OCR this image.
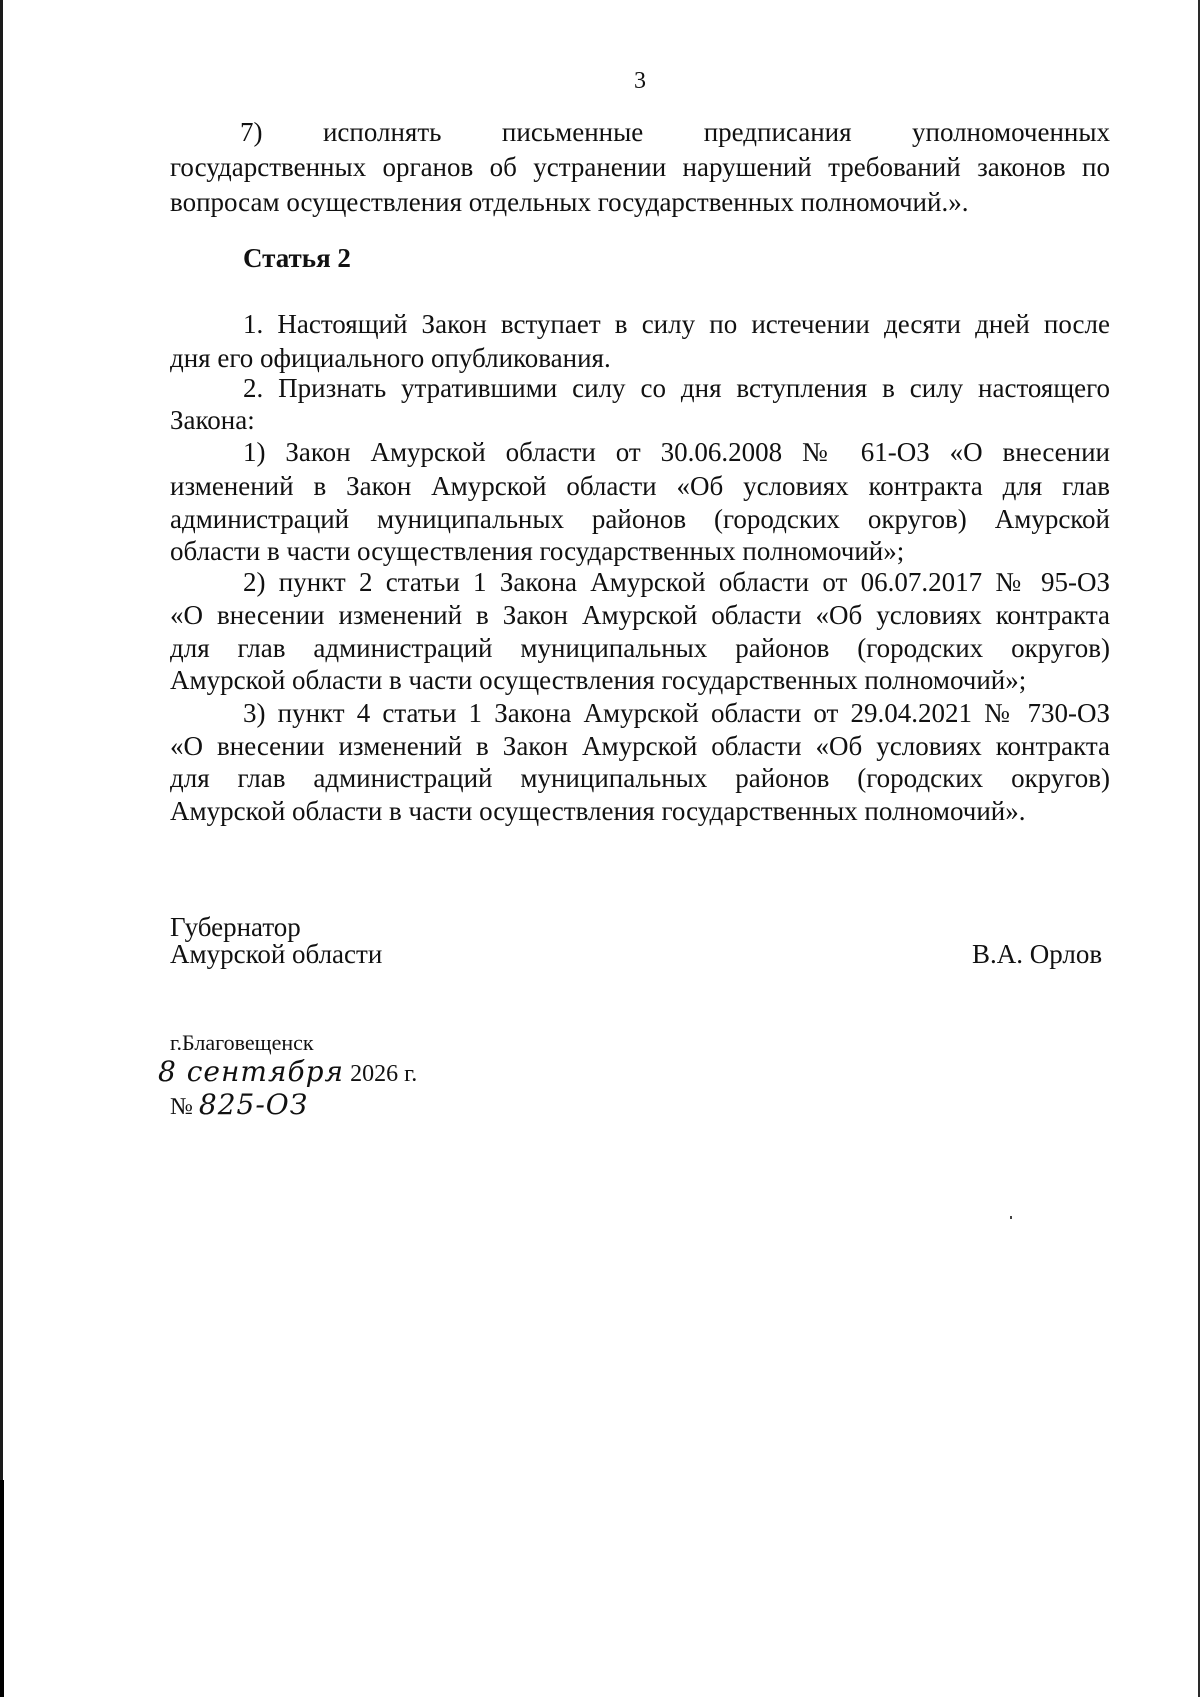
3
7) исполнять письменные предписания уполномоченных
государственных органов об устранении нарушений требований законов по
вопросам осуществления отдельных государственных полномочий.».
Статья 2
1. Настоящий Закон вступает в силу по истечении десяти дней после
дня его официального опубликования.
2. Признать утратившими силу со дня вступления в силу настоящего
Закона:
1) Закон Амурской области от 30.06.2008 № 61-ОЗ «О внесении
изменений в Закон Амурской области «Об условиях контракта для глав
администраций муниципальных районов (городских округов) Амурской
области в части осуществления государственных полномочий»;
2) пункт 2 статьи 1 Закона Амурской области от 06.07.2017 № 95-ОЗ
«О внесении изменений в Закон Амурской области «Об условиях контракта
для глав администраций муниципальных районов (городских округов)
Амурской области в части осуществления государственных полномочий»;
3) пункт 4 статьи 1 Закона Амурской области от 29.04.2021 № 730-ОЗ
«О внесении изменений в Закон Амурской области «Об условиях контракта
для глав администраций муниципальных районов (городских округов)
Амурской области в части осуществления государственных полномочий».
Губернатор
Амурской области	В.А. Орлов
г.Благовещенск
8 сентября 2026 г.
№ 825-ОЗ
